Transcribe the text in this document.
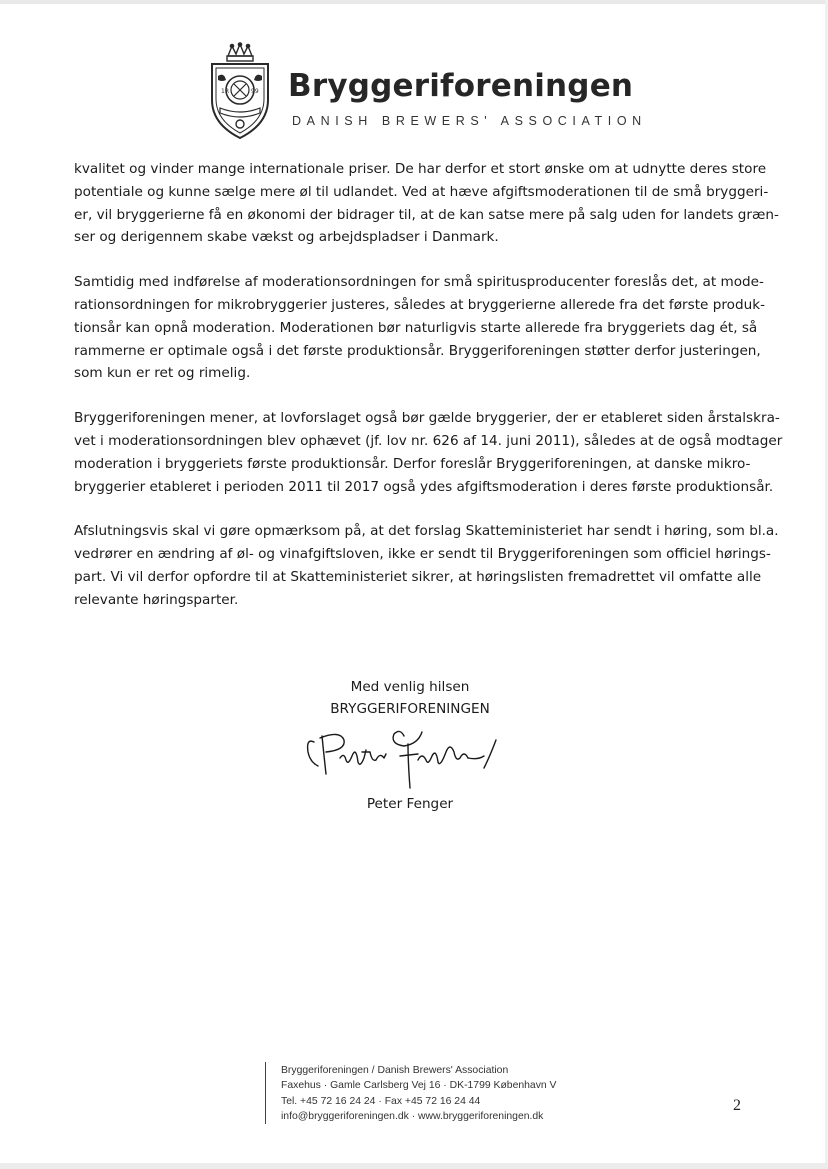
1R	99 Bryggeriforeningen
DANISH BREWERS' ASSOCIATION

kvalitet og vinder mange internationale priser. De har derfor et stort ønske om at udnytte deres store
potentiale og kunne sælge mere øl til udlandet. Ved at hæve afgiftsmoderationen til de små bryggeri-
er, vil bryggerierne få en økonomi der bidrager til, at de kan satse mere på salg uden for landets græn-
ser og derigennem skabe vækst og arbejdspladser i Danmark.

Samtidig med indførelse af moderationsordningen for små spiritusproducenter foreslås det, at mode-
rationsordningen for mikrobryggerier justeres, således at bryggerierne allerede fra det første produk-
tionsår kan opnå moderation. Moderationen bør naturligvis starte allerede fra bryggeriets dag ét, så
rammerne er optimale også i det første produktionsår. Bryggeriforeningen støtter derfor justeringen,
som kun er ret og rimelig.

Bryggeriforeningen mener, at lovforslaget også bør gælde bryggerier, der er etableret siden årstalskra-
vet i moderationsordningen blev ophævet (jf. lov nr. 626 af 14. juni 2011), således at de også modtager
moderation i bryggeriets første produktionsår. Derfor foreslår Bryggeriforeningen, at danske mikro-
bryggerier etableret i perioden 2011 til 2017 også ydes afgiftsmoderation i deres første produktionsår.

Afslutningsvis skal vi gøre opmærksom på, at det forslag Skatteministeriet har sendt i høring, som bl.a.
vedrører en ændring af øl- og vinafgiftsloven, ikke er sendt til Bryggeriforeningen som officiel hørings-
part. Vi vil derfor opfordre til at Skatteministeriet sikrer, at høringslisten fremadrettet vil omfatte alle
relevante høringsparter.

Med venlig hilsen
BRYGGERIFORENINGEN
Peter Fenger
Bryggeriforeningen / Danish Brewers' Association
Faxehus · Gamle Carlsberg Vej 16 · DK-1799 København V
Tel. +45 72 16 24 24 · Fax +45 72 16 24 44
info@bryggeriforeningen.dk · www.bryggeriforeningen.dk
2
